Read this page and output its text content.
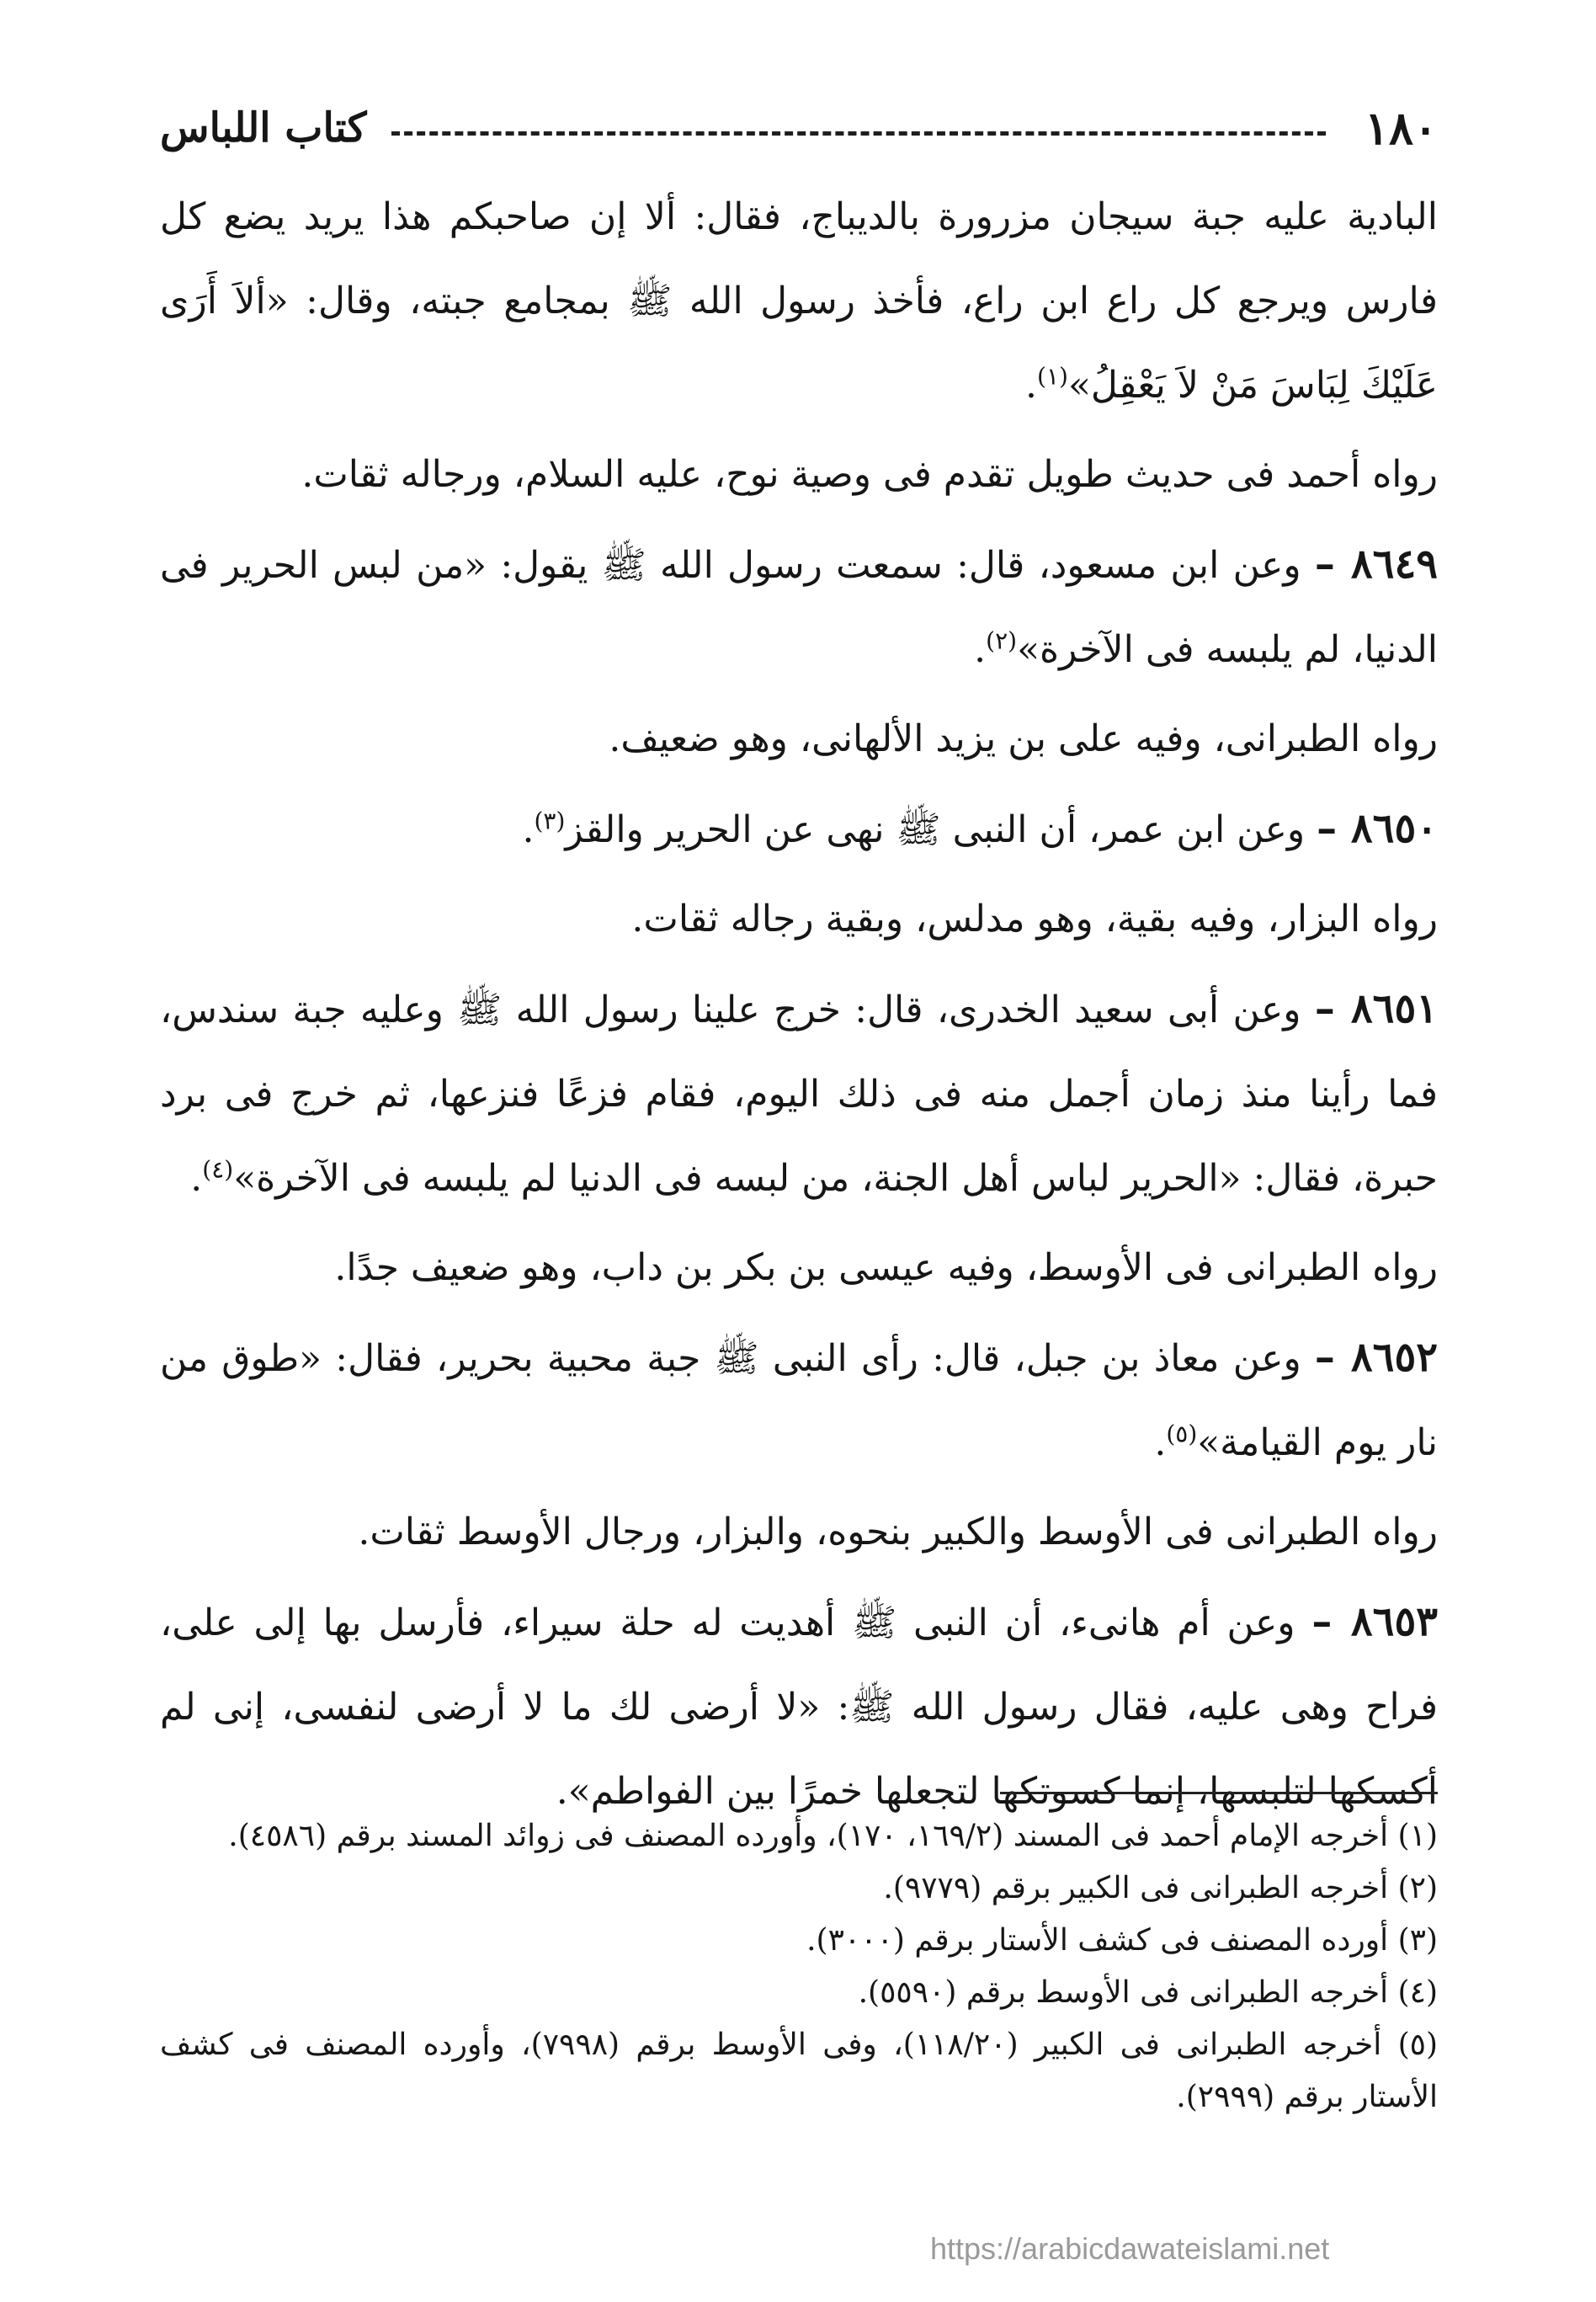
١٨٠
كتاب اللباس

البادية عليه جبة سيجان مزرورة بالديباج، فقال: ألا إن صاحبكم هذا يريد يضع كل فارس ويرجع كل راع ابن راع، فأخذ رسول الله ﷺ بمجامع جبته، وقال: «ألاَ أَرَى عَلَيْكَ لِبَاسَ مَنْ لاَ يَعْقِلُ»$^{(١)}$.

رواه أحمد فى حديث طويل تقدم فى وصية نوح، عليه السلام، ورجاله ثقات.

٨٦٤٩ – وعن ابن مسعود، قال: سمعت رسول الله ﷺ يقول: «من لبس الحرير فى الدنيا، لم يلبسه فى الآخرة»$^{(٢)}$.

رواه الطبرانى، وفيه على بن يزيد الألهانى، وهو ضعيف.

٨٦٥٠ – وعن ابن عمر، أن النبى ﷺ نهى عن الحرير والقز$^{(٣)}$.

رواه البزار، وفيه بقية، وهو مدلس، وبقية رجاله ثقات.

٨٦٥١ – وعن أبى سعيد الخدرى، قال: خرج علينا رسول الله ﷺ وعليه جبة سندس، فما رأينا منذ زمان أجمل منه فى ذلك اليوم، فقام فزعًا فنزعها، ثم خرج فى برد حبرة، فقال: «الحرير لباس أهل الجنة، من لبسه فى الدنيا لم يلبسه فى الآخرة»$^{(٤)}$.

رواه الطبرانى فى الأوسط، وفيه عيسى بن بكر بن داب، وهو ضعيف جدًا.

٨٦٥٢ – وعن معاذ بن جبل، قال: رأى النبى ﷺ جبة محبية بحرير، فقال: «طوق من نار يوم القيامة»$^{(٥)}$.

رواه الطبرانى فى الأوسط والكبير بنحوه، والبزار، ورجال الأوسط ثقات.

٨٦٥٣ – وعن أم هانىء، أن النبى ﷺ أهديت له حلة سيراء، فأرسل بها إلى على، فراح وهى عليه، فقال رسول الله ﷺ: «لا أرضى لك ما لا أرضى لنفسى، إنى لم أكسكها لتلبسها، إنما كسوتكها لتجعلها خمرًا بين الفواطم».

(١) أخرجه الإمام أحمد فى المسند (١٦٩/٢، ١٧٠)، وأورده المصنف فى زوائد المسند برقم (٤٥٨٦).

(٢) أخرجه الطبرانى فى الكبير برقم (٩٧٧٩).

(٣) أورده المصنف فى كشف الأستار برقم (٣٠٠٠).

(٤) أخرجه الطبرانى فى الأوسط برقم (٥٥٩٠).

(٥) أخرجه الطبرانى فى الكبير (١١٨/٢٠)، وفى الأوسط برقم (٧٩٩٨)، وأورده المصنف فى كشف الأستار برقم (٢٩٩٩).

https://arabicdawateislami.net
